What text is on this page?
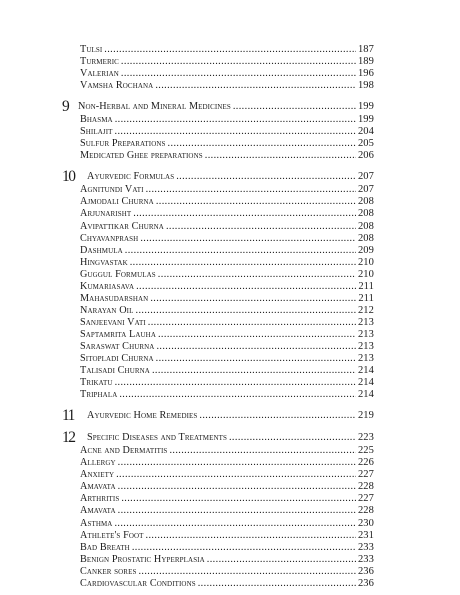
Tulsi .....	187
Turmeric .....	189
Valerian .....	196
Vamsha Rochana .....	198
9 Non-Herbal and Mineral Medicines .....	199
Bhasma .....	199
Shilajit .....	204
Sulfur Preparations .....	205
Medicated Ghee preparations .....	206
10 Ayurvedic Formulas .....	207
Agnitundi Vati .....	207
Ajmodali Churna .....	208
Arjunarisht .....	208
Avipattikar Churna .....	208
Chyavanprash .....	208
Dashmula .....	209
Hingvastak .....	210
Guggul Formulas .....	210
Kumariasava .....	211
Mahasudarshan .....	211
Narayan Oil .....	212
Sanjeevani Vati .....	213
Saptamrita Lauha .....	213
Saraswat Churna .....	213
Sitopladi Churna .....	213
Talisadi Churna .....	214
Trikatu .....	214
Triphala .....	214
11 Ayurvedic Home Remedies .....	219
12 Specific Diseases and Treatments .....	223
Acne and Dermatitis .....	225
Allergy .....	226
Anxiety .....	227
Amavata .....	228
Arthritis .....	227
Amavata .....	228
Asthma .....	230
Athlete's Foot .....	231
Bad Breath .....	233
Benign Prostatic Hyperplasia .....	233
Canker sores .....	236
Cardiovascular Conditions .....	236
